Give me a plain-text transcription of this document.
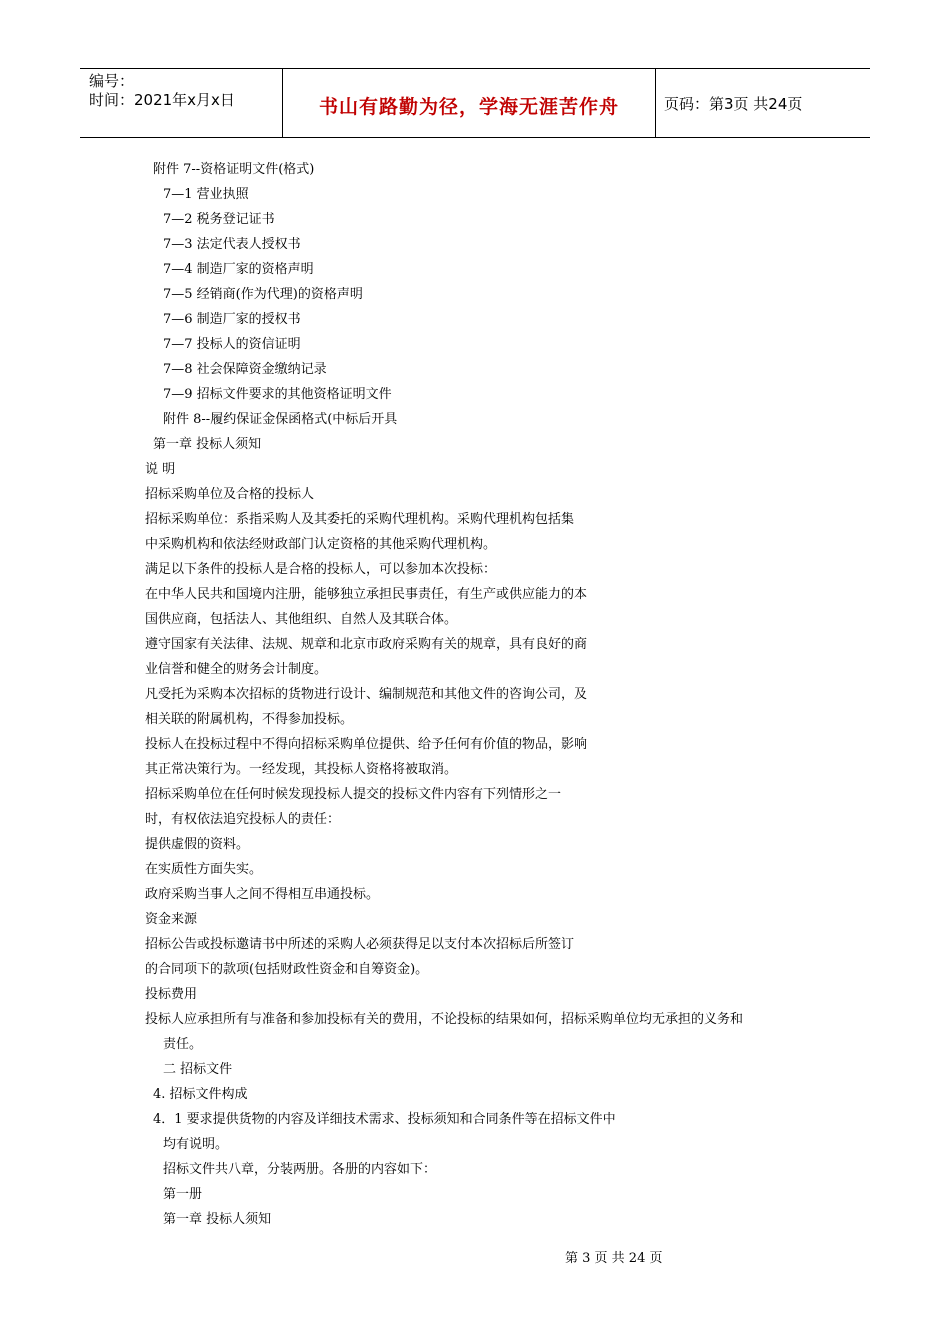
编号：
时间：2021年x月x日	书山有路勤为径，学海无涯苦作舟	页码：第3页 共24页
附件 7--资格证明文件(格式)
7—1 营业执照
7—2 税务登记证书
7—3 法定代表人授权书
7—4 制造厂家的资格声明
7—5 经销商(作为代理)的资格声明
7—6 制造厂家的授权书
7—7 投标人的资信证明
7—8 社会保障资金缴纳记录
7—9 招标文件要求的其他资格证明文件
附件 8--履约保证金保函格式(中标后开具
第一章 投标人须知
说 明
招标采购单位及合格的投标人
招标采购单位：系指采购人及其委托的采购代理机构。采购代理机构包括集
中采购机构和依法经财政部门认定资格的其他采购代理机构。
满足以下条件的投标人是合格的投标人，可以参加本次投标：
在中华人民共和国境内注册，能够独立承担民事责任，有生产或供应能力的本
国供应商，包括法人、其他组织、自然人及其联合体。
遵守国家有关法律、法规、规章和北京市政府采购有关的规章，具有良好的商
业信誉和健全的财务会计制度。
凡受托为采购本次招标的货物进行设计、编制规范和其他文件的咨询公司，及
相关联的附属机构，不得参加投标。
投标人在投标过程中不得向招标采购单位提供、给予任何有价值的物品，影响
其正常决策行为。一经发现，其投标人资格将被取消。
招标采购单位在任何时候发现投标人提交的投标文件内容有下列情形之一
时，有权依法追究投标人的责任：
提供虚假的资料。
在实质性方面失实。
政府采购当事人之间不得相互串通投标。
资金来源
招标公告或投标邀请书中所述的采购人必须获得足以支付本次招标后所签订
的合同项下的款项(包括财政性资金和自筹资金)。
投标费用
投标人应承担所有与准备和参加投标有关的费用，不论投标的结果如何，招标采购单位均无承担的义务和
责任。
二 招标文件
4. 招标文件构成
4．1 要求提供货物的内容及详细技术需求、投标须知和合同条件等在招标文件中
均有说明。
招标文件共八章，分装两册。各册的内容如下：
第一册
第一章 投标人须知
第 3 页 共 24 页
